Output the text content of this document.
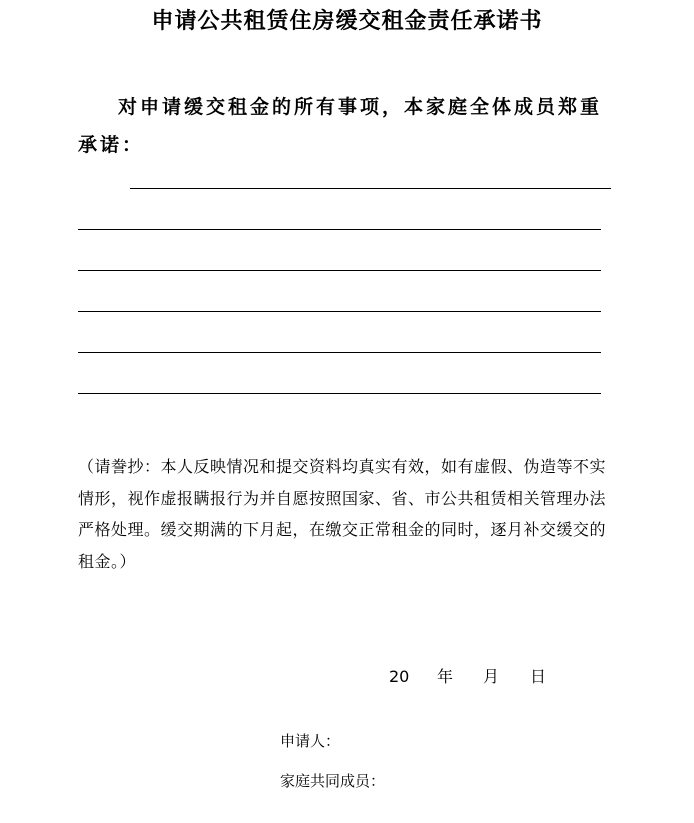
申请公共租赁住房缓交租金责任承诺书

对申请缓交租金的所有事项，本家庭全体成员郑重承诺：

（请誊抄：本人反映情况和提交资料均真实有效，如有虚假、伪造等不实情形，视作虚报瞒报行为并自愿按照国家、省、市公共租赁相关管理办法严格处理。缓交期满的下月起，在缴交正常租金的同时，逐月补交缓交的租金。）

20 年 月 日
申请人：
家庭共同成员：
